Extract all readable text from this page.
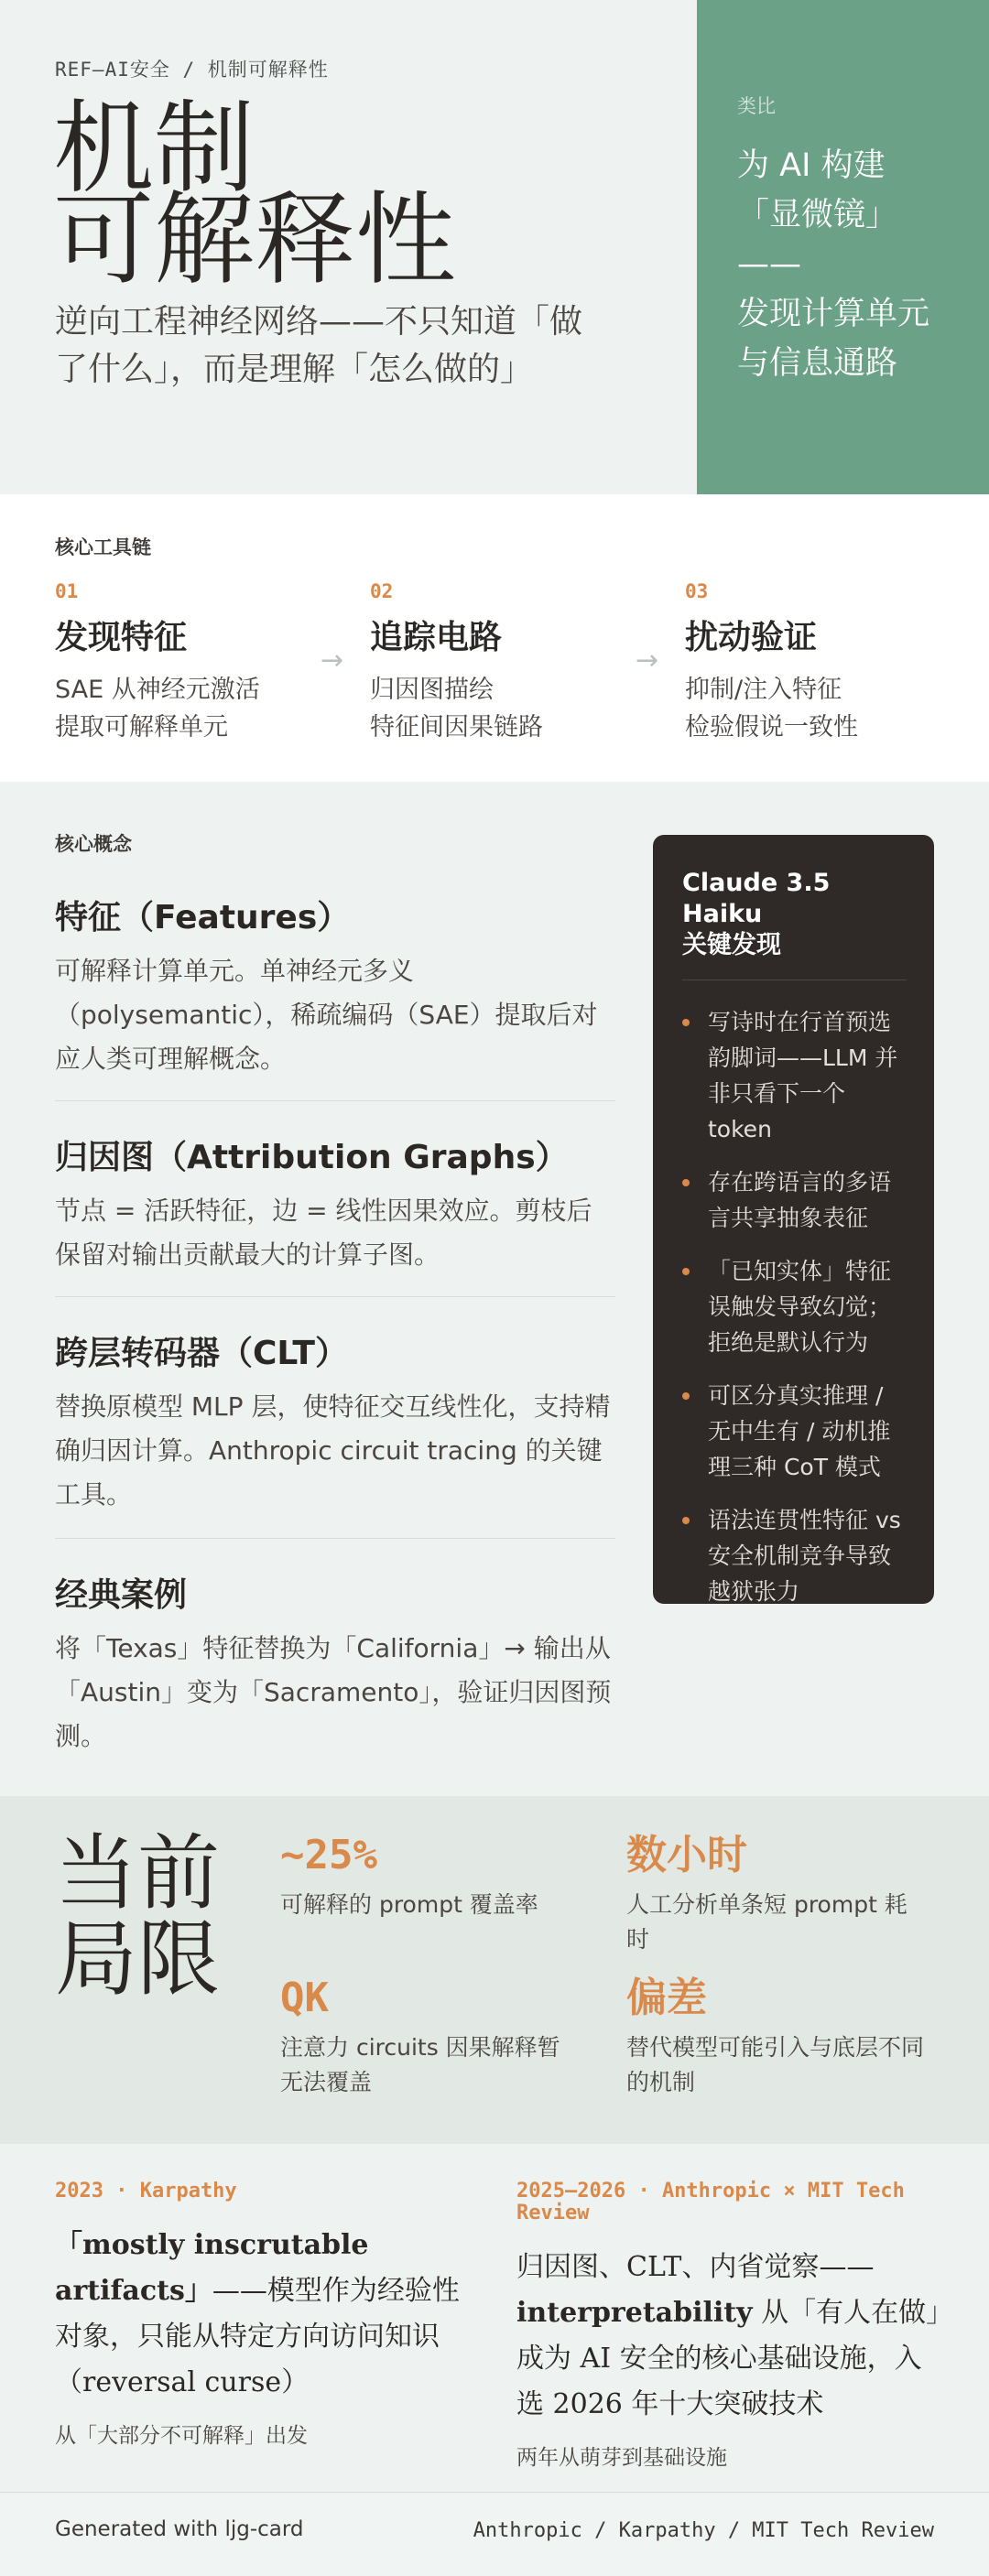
REF—AI安全 / 机制可解释性
机制
可解释性
逆向工程神经网络——不只知道「做了什么」，而是理解「怎么做的」
类比
为 AI 构建
「显微镜」
——
发现计算单元
与信息通路
核心工具链
01
发现特征
SAE 从神经元激活
提取可解释单元
→
02
追踪电路
归因图描绘
特征间因果链路
→
03
扰动验证
抑制/注入特征
检验假说一致性
核心概念
特征（Features）
可解释计算单元。单神经元多义（polysemantic），稀疏编码（SAE）提取后对应人类可理解概念。
归因图（Attribution Graphs）
节点 = 活跃特征，边 = 线性因果效应。剪枝后保留对输出贡献最大的计算子图。
跨层转码器（CLT）
替换原模型 MLP 层，使特征交互线性化，支持精确归因计算。Anthropic circuit tracing 的关键工具。
经典案例
将「Texas」特征替换为「California」→ 输出从「Austin」变为「Sacramento」，验证归因图预测。
Claude 3.5 Haiku
关键发现
写诗时在行首预选韵脚词——LLM 并非只看下一个 token
存在跨语言的多语言共享抽象表征
「已知实体」特征误触发导致幻觉；拒绝是默认行为
可区分真实推理 / 无中生有 / 动机推理三种 CoT 模式
语法连贯性特征 vs 安全机制竞争导致越狱张力
当前
局限
~25%
可解释的 prompt 覆盖率
数小时
人工分析单条短 prompt 耗时
QK
注意力 circuits 因果解释暂无法覆盖
偏差
替代模型可能引入与底层不同的机制
2023 · Karpathy
「mostly inscrutable artifacts」——模型作为经验性对象，只能从特定方向访问知识（reversal curse）
从「大部分不可解释」出发
2025–2026 · Anthropic × MIT Tech Review
归因图、CLT、内省觉察——interpretability 从「有人在做」成为 AI 安全的核心基础设施，入选 2026 年十大突破技术
两年从萌芽到基础设施
Generated with ljg-card	Anthropic / Karpathy / MIT Tech Review
